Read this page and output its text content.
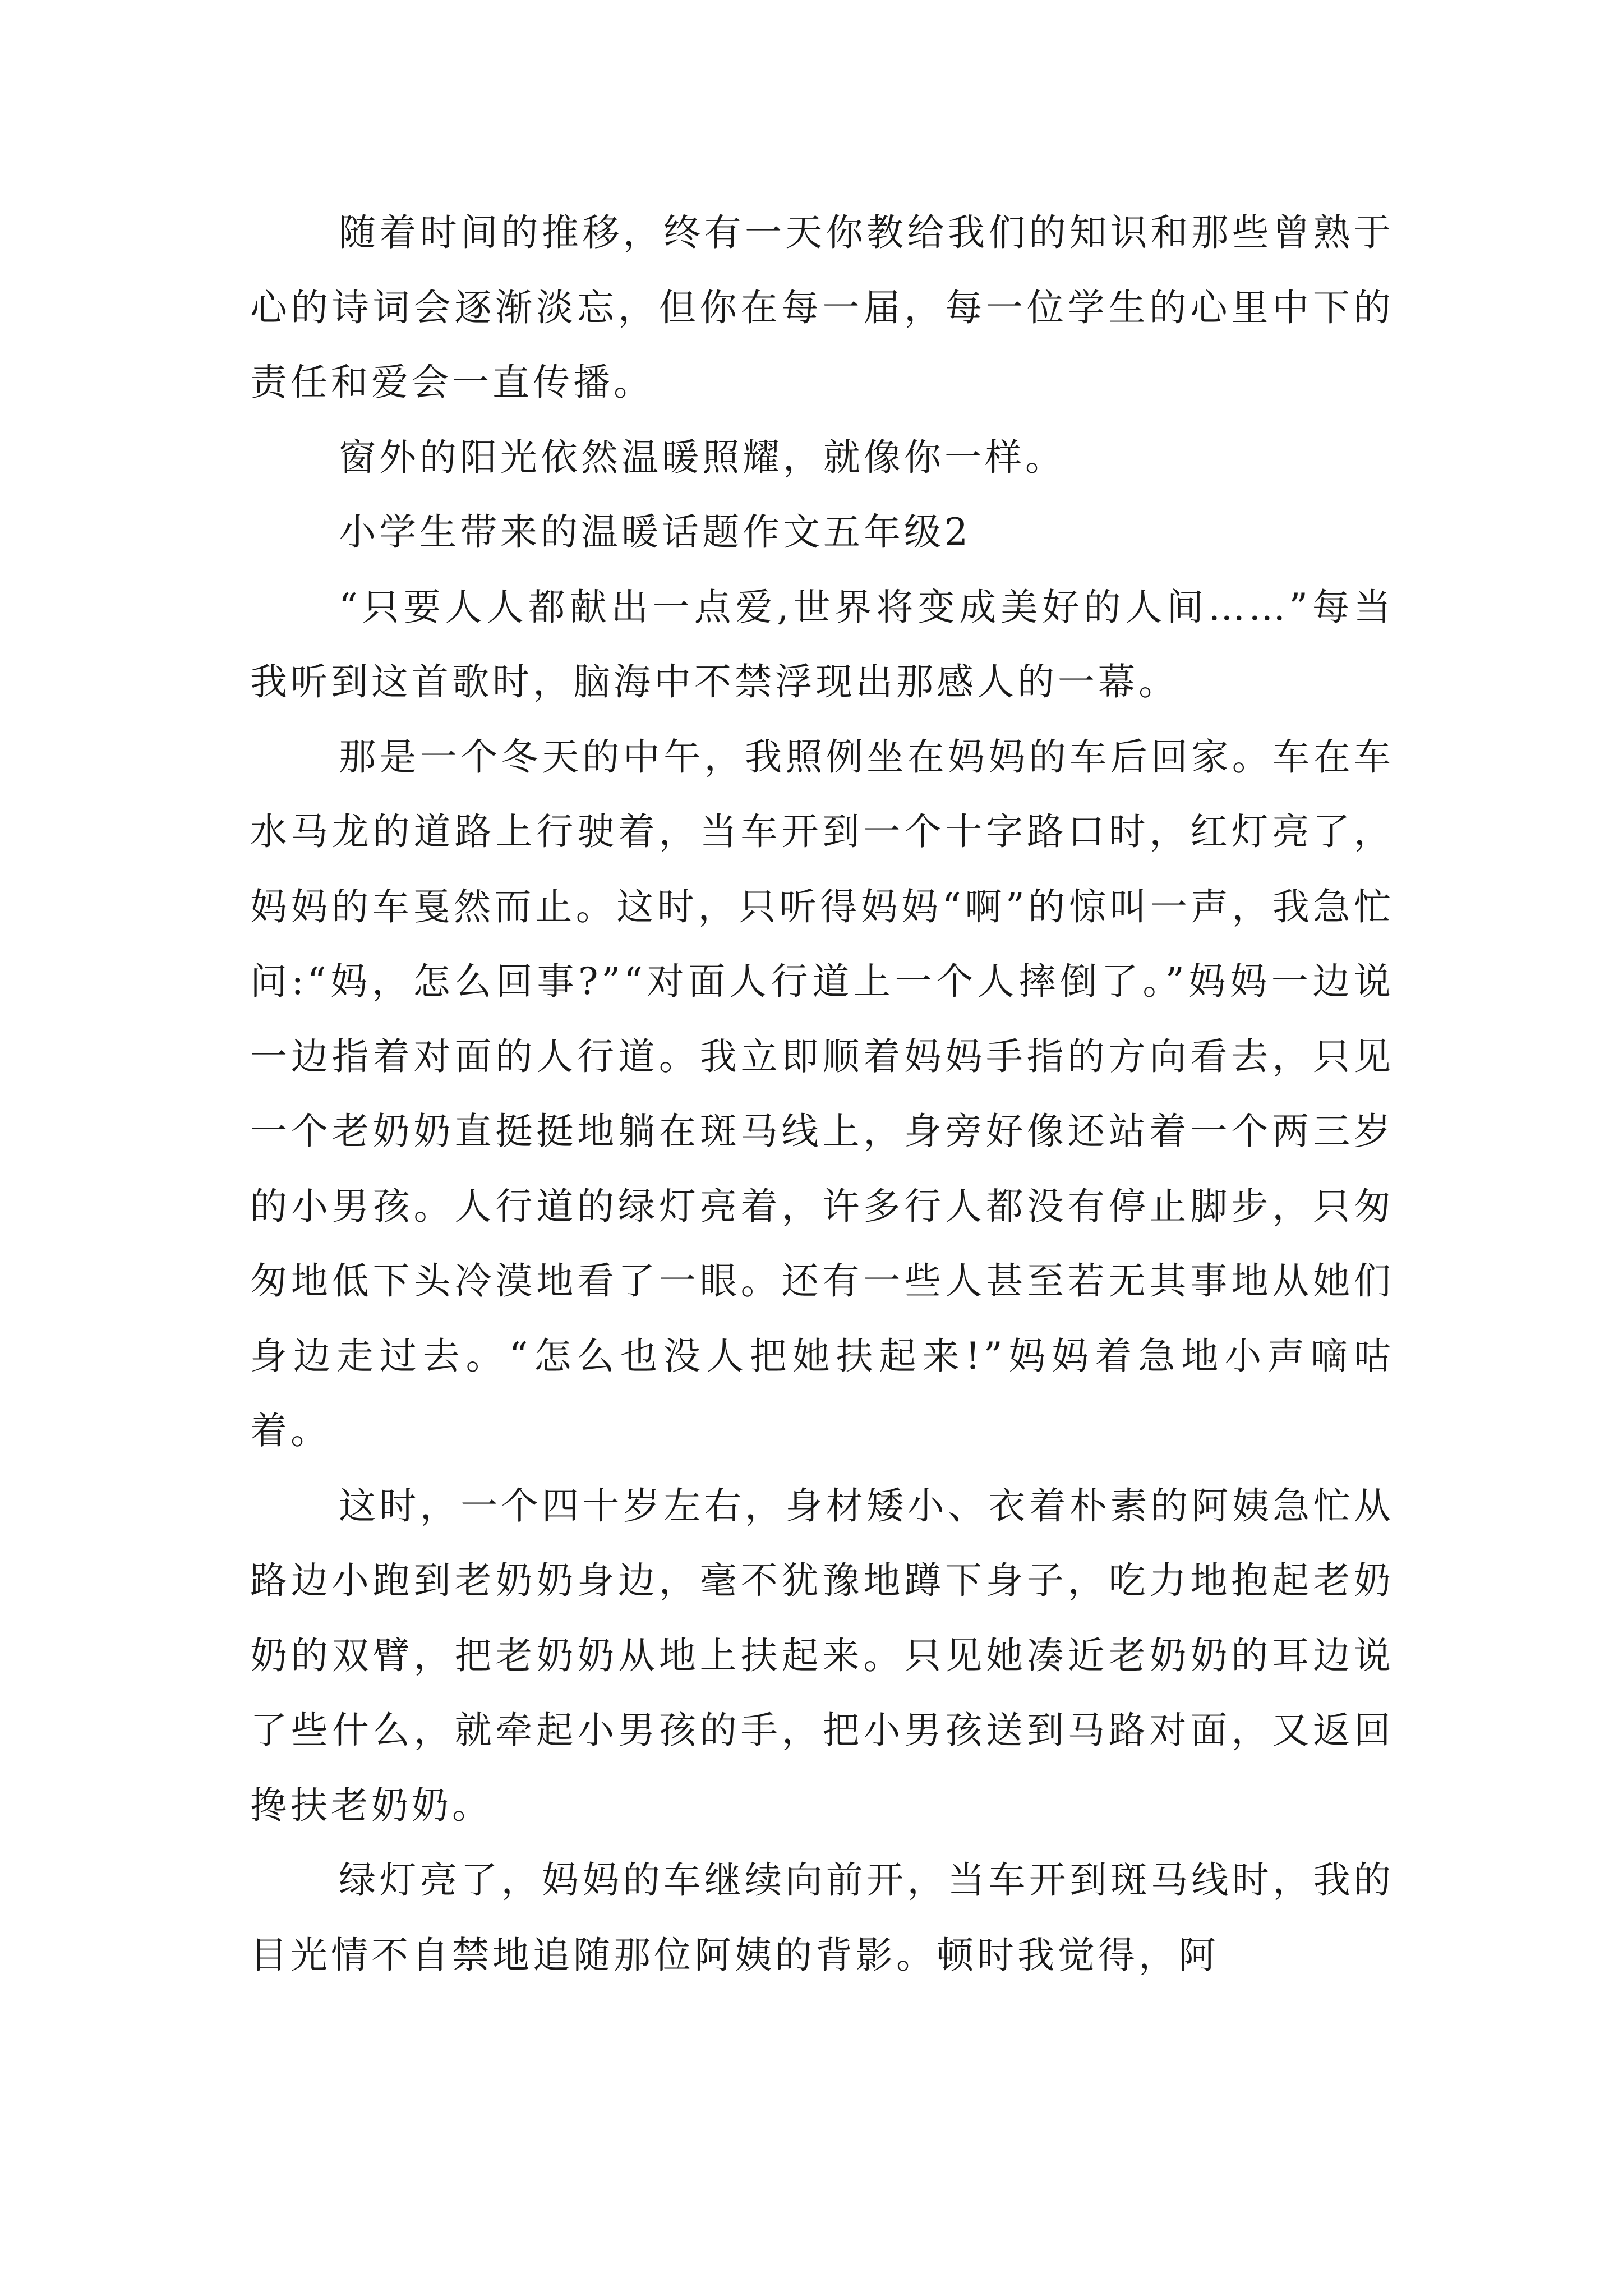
随着时间的推移，终有一天你教给我们的知识和那些曾熟于心的诗词会逐渐淡忘，但你在每一届，每一位学生的心里中下的责任和爱会一直传播。

窗外的阳光依然温暖照耀，就像你一样。

小学生带来的温暖话题作文五年级2

“只要人人都献出一点爱,世界将变成美好的人间……”每当我听到这首歌时，脑海中不禁浮现出那感人的一幕。

那是一个冬天的中午，我照例坐在妈妈的车后回家。车在车水马龙的道路上行驶着，当车开到一个十字路口时，红灯亮了，妈妈的车戛然而止。这时，只听得妈妈“啊”的惊叫一声，我急忙问:“妈，怎么回事?”“对面人行道上一个人摔倒了。”妈妈一边说一边指着对面的人行道。我立即顺着妈妈手指的方向看去，只见一个老奶奶直挺挺地躺在斑马线上，身旁好像还站着一个两三岁的小男孩。人行道的绿灯亮着，许多行人都没有停止脚步，只匆匆地低下头冷漠地看了一眼。还有一些人甚至若无其事地从她们身边走过去。“怎么也没人把她扶起来!”妈妈着急地小声嘀咕着。

这时，一个四十岁左右，身材矮小、衣着朴素的阿姨急忙从路边小跑到老奶奶身边，毫不犹豫地蹲下身子，吃力地抱起老奶奶的双臂，把老奶奶从地上扶起来。只见她凑近老奶奶的耳边说了些什么，就牵起小男孩的手，把小男孩送到马路对面，又返回搀扶老奶奶。

绿灯亮了，妈妈的车继续向前开，当车开到斑马线时，我的目光情不自禁地追随那位阿姨的背影。顿时我觉得，阿
